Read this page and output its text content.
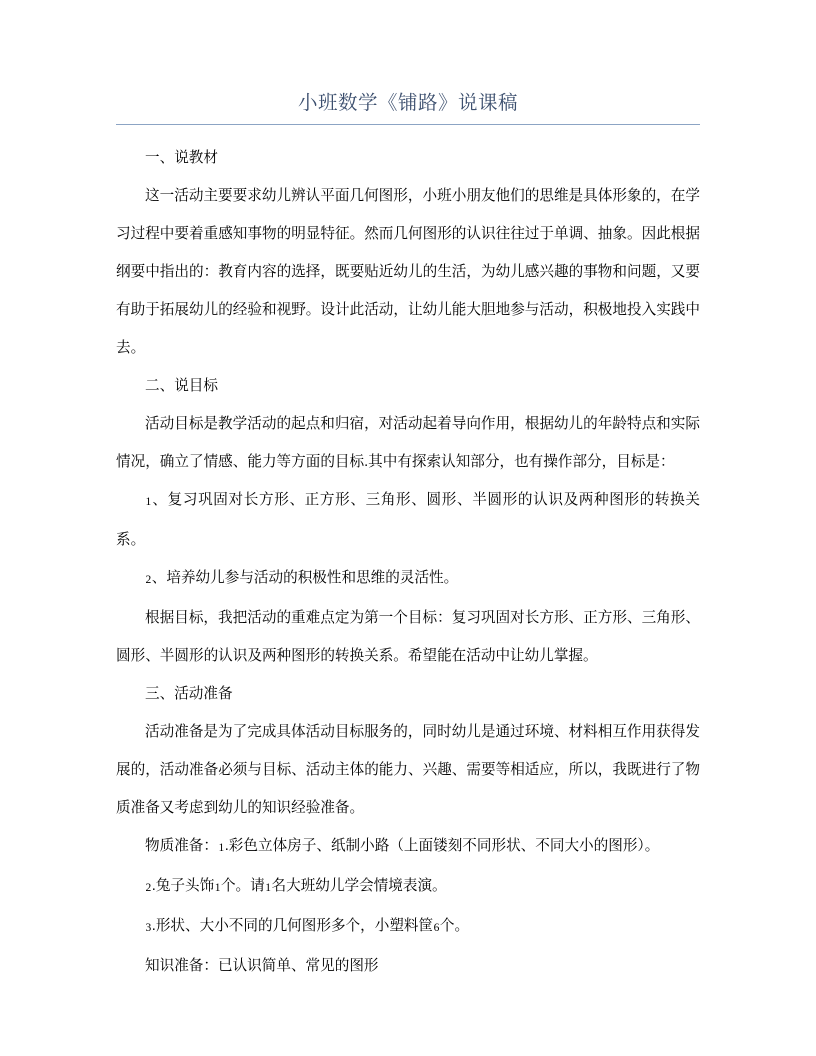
小班数学《铺路》说课稿

一、说教材

这一活动主要要求幼儿辨认平面几何图形，小班小朋友他们的思维是具体形象的，在学习过程中要着重感知事物的明显特征。然而几何图形的认识往往过于单调、抽象。因此根据纲要中指出的：教育内容的选择，既要贴近幼儿的生活，为幼儿感兴趣的事物和问题，又要有助于拓展幼儿的经验和视野。设计此活动，让幼儿能大胆地参与活动，积极地投入实践中去。

二、说目标

活动目标是教学活动的起点和归宿，对活动起着导向作用，根据幼儿的年龄特点和实际情况，确立了情感、能力等方面的目标.其中有探索认知部分，也有操作部分，目标是：

1、复习巩固对长方形、正方形、三角形、圆形、半圆形的认识及两种图形的转换关系。

2、培养幼儿参与活动的积极性和思维的灵活性。

根据目标，我把活动的重难点定为第一个目标：复习巩固对长方形、正方形、三角形、圆形、半圆形的认识及两种图形的转换关系。希望能在活动中让幼儿掌握。

三、活动准备

活动准备是为了完成具体活动目标服务的，同时幼儿是通过环境、材料相互作用获得发展的，活动准备必须与目标、活动主体的能力、兴趣、需要等相适应，所以，我既进行了物质准备又考虑到幼儿的知识经验准备。

物质准备：1.彩色立体房子、纸制小路（上面镂刻不同形状、不同大小的图形）。

2.兔子头饰1个。请1名大班幼儿学会情境表演。

3.形状、大小不同的几何图形多个，小塑料筐6个。

知识准备：已认识简单、常见的图形
